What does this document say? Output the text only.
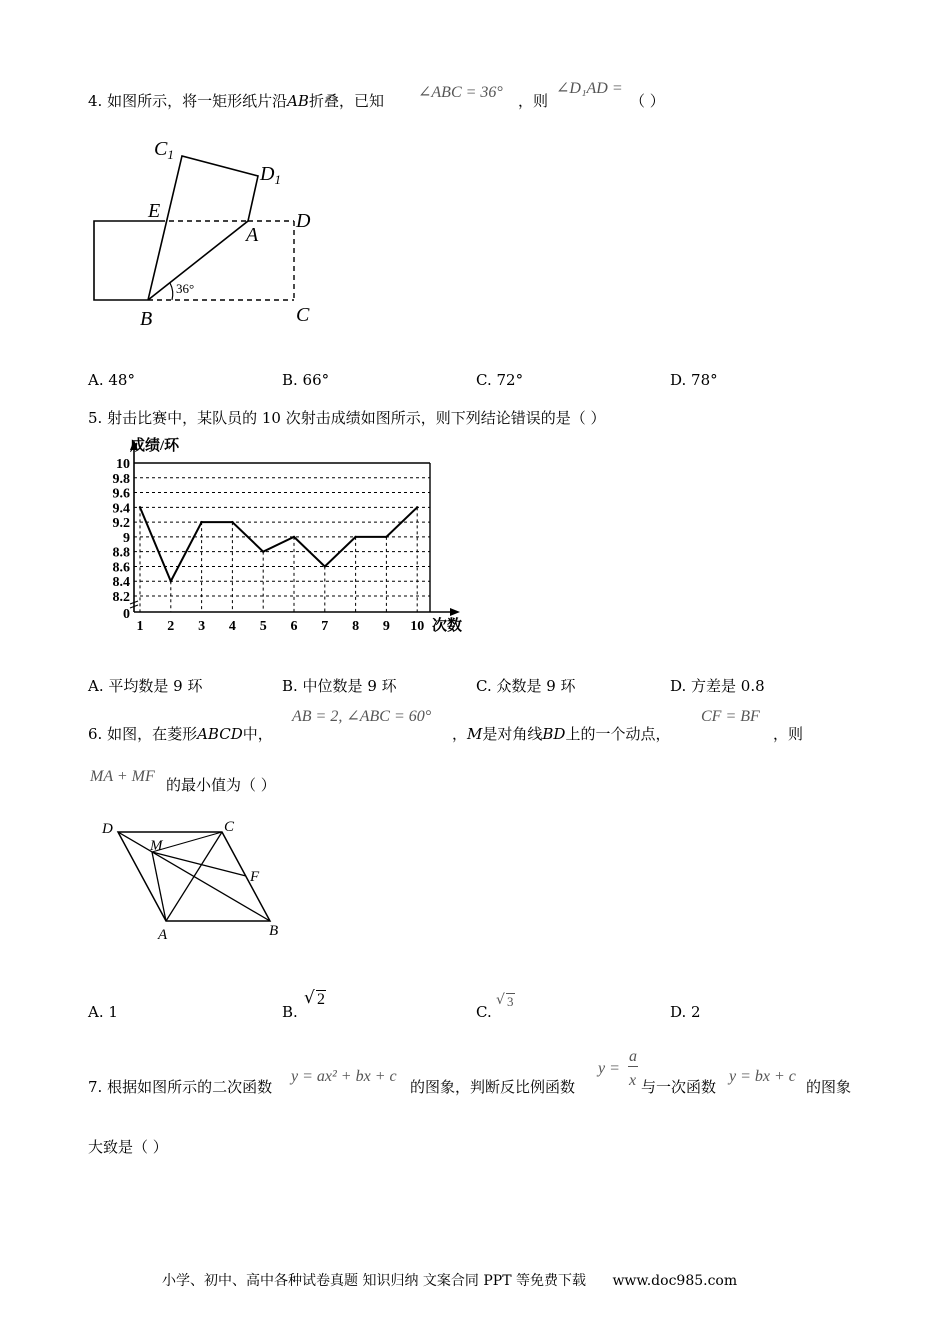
4. 如图所示，将一矩形纸片沿AB折叠，已知 ∠ABC = 36° ，则
∠D₁AD =
（ ）
$C_1$
$D_1$
E
A
D
B	C
36°
A. 48°	B. 66°	C. 72°	D. 78°
5. 射击比赛中，某队员的 10 次射击成绩如图所示，则下列结论错误的是（ ）
10
9.8
9.6
9.4
9.2
9
8.8
8.6
8.4
8.2
0
1 2 3 4 5 6 7 8 9 10
成绩/环
次数
A. 平均数是 9 环	B. 中位数是 9 环	C. 众数是 9 环	D. 方差是 0.8
6. 如图，在菱形ABCD中，
AB = 2, ∠ABC = 60°
，M是对角线BD上的一个动点，
CF = BF
，则
MA + MF 的最小值为（ ）
D	C
M
F
A	B
A. 1	B.
√ 2
C.
√ 3
D. 2
7. 根据如图所示的二次函数
y = ax² + bx + c
的图象，判断反比例函数
y =
a
x 与一次函数
y = bx + c
的图象
大致是（ ）
小学、初中、高中各种试卷真题 知识归纳 文案合同 PPT 等免费下载 www.doc985.com
